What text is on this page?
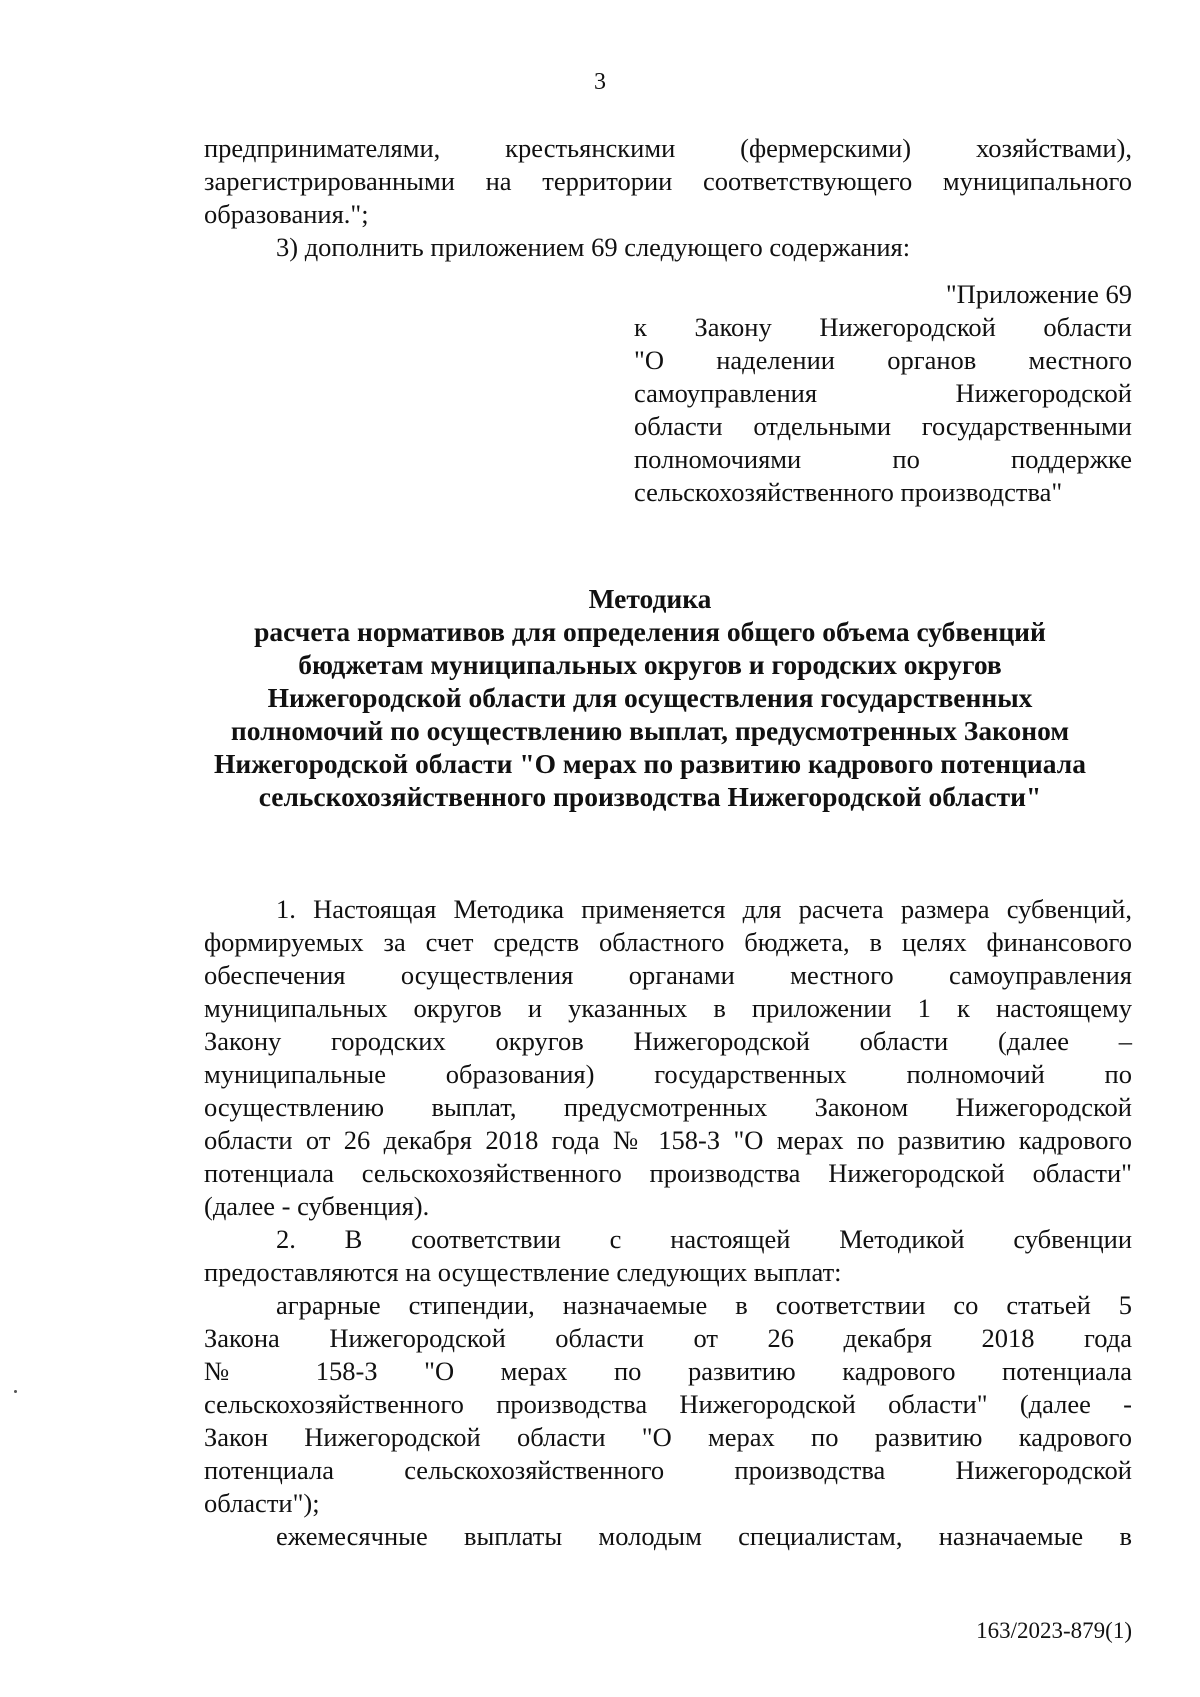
3

предпринимателями, крестьянскими (фермерскими) хозяйствами),

зарегистрированными на территории соответствующего муниципального

образования.";

3) дополнить приложением 69 следующего содержания:

"Приложение 69

к Закону Нижегородской области

"О наделении органов местного

самоуправления Нижегородской

области отдельными государственными

полномочиями по поддержке

сельскохозяйственного производства"

Методика

расчета нормативов для определения общего объема субвенций

бюджетам муниципальных округов и городских округов

Нижегородской области для осуществления государственных

полномочий по осуществлению выплат, предусмотренных Законом

Нижегородской области "О мерах по развитию кадрового потенциала

сельскохозяйственного производства Нижегородской области"

1. Настоящая Методика применяется для расчета размера субвенций,

формируемых за счет средств областного бюджета, в целях финансового

обеспечения осуществления органами местного самоуправления

муниципальных округов и указанных в приложении 1 к настоящему

Закону городских округов Нижегородской области (далее –

муниципальные образования) государственных полномочий по

осуществлению выплат, предусмотренных Законом Нижегородской

области от 26 декабря 2018 года № 158-З "О мерах по развитию кадрового

потенциала сельскохозяйственного производства Нижегородской области"

(далее - субвенция).

2. В соответствии с настоящей Методикой субвенции

предоставляются на осуществление следующих выплат:

аграрные стипендии, назначаемые в соответствии со статьей 5

Закона Нижегородской области от 26 декабря 2018 года

№ 158-З "О мерах по развитию кадрового потенциала

сельскохозяйственного производства Нижегородской области" (далее -

Закон Нижегородской области "О мерах по развитию кадрового

потенциала сельскохозяйственного производства Нижегородской

области");

ежемесячные выплаты молодым специалистам, назначаемые в

163/2023-879(1)
